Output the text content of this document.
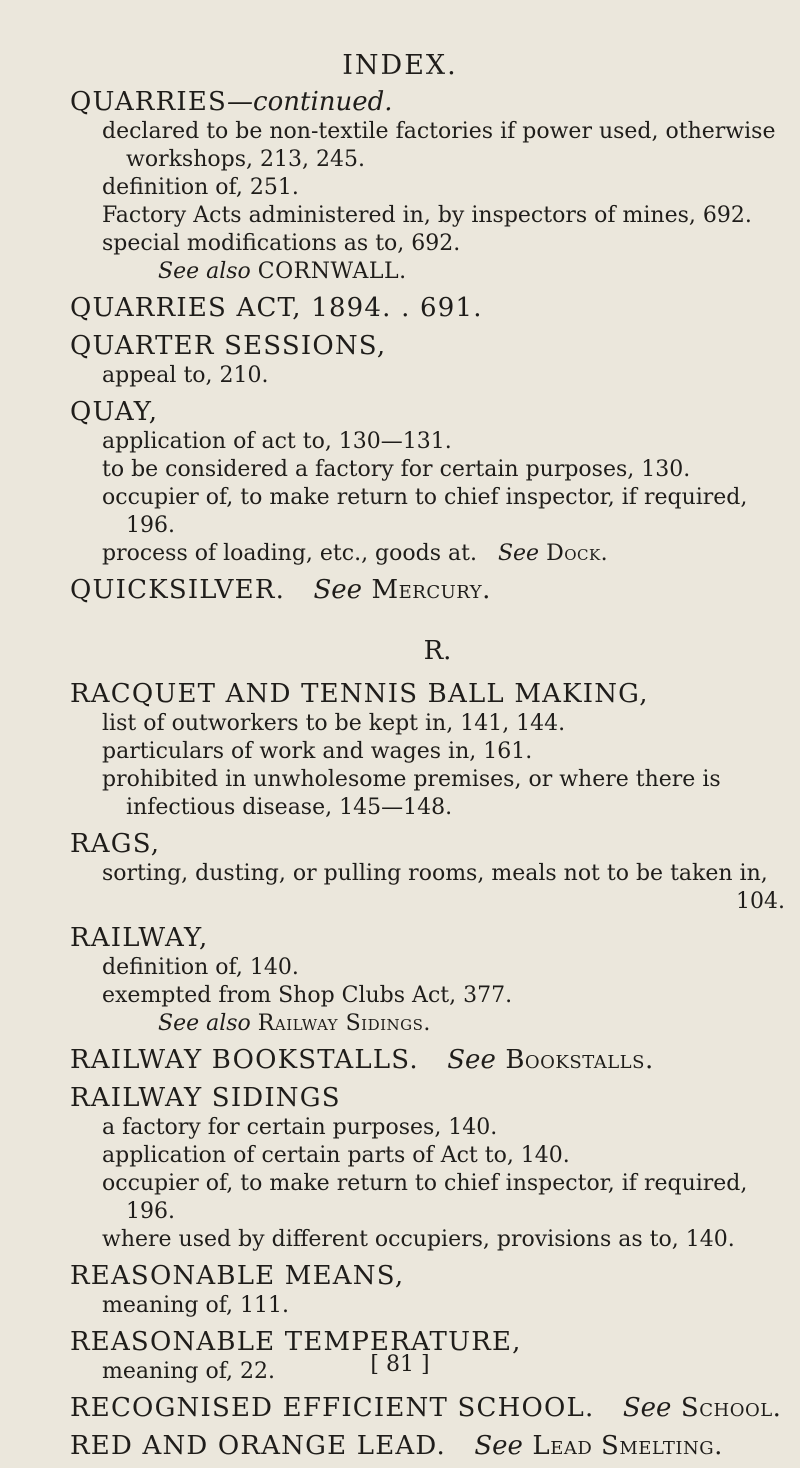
INDEX.
QUARRIES—continued.
declared to be non-textile factories if power used, otherwise workshops, 213, 245.
definition of, 251.
Factory Acts administered in, by inspectors of mines, 692.
special modifications as to, 692.
See also CORNWALL.
QUARRIES ACT, 1894. . 691.
QUARTER SESSIONS,
appeal to, 210.
QUAY,
application of act to, 130—131.
to be considered a factory for certain purposes, 130.
occupier of, to make return to chief inspector, if required, 196.
process of loading, etc., goods at. See Dock.
QUICKSILVER. See Mercury.
R.
RACQUET AND TENNIS BALL MAKING,
list of outworkers to be kept in, 141, 144.
particulars of work and wages in, 161.
prohibited in unwholesome premises, or where there is infectious disease, 145—148.
RAGS,
sorting, dusting, or pulling rooms, meals not to be taken in,
104.
RAILWAY,
definition of, 140.
exempted from Shop Clubs Act, 377.
See also Railway Sidings.
RAILWAY BOOKSTALLS. See Bookstalls.
RAILWAY SIDINGS
a factory for certain purposes, 140.
application of certain parts of Act to, 140.
occupier of, to make return to chief inspector, if required, 196.
where used by different occupiers, provisions as to, 140.
REASONABLE MEANS,
meaning of, 111.
REASONABLE TEMPERATURE,
meaning of, 22.
RECOGNISED EFFICIENT SCHOOL. See School.
RED AND ORANGE LEAD. See Lead Smelting.
[ 81 ]
